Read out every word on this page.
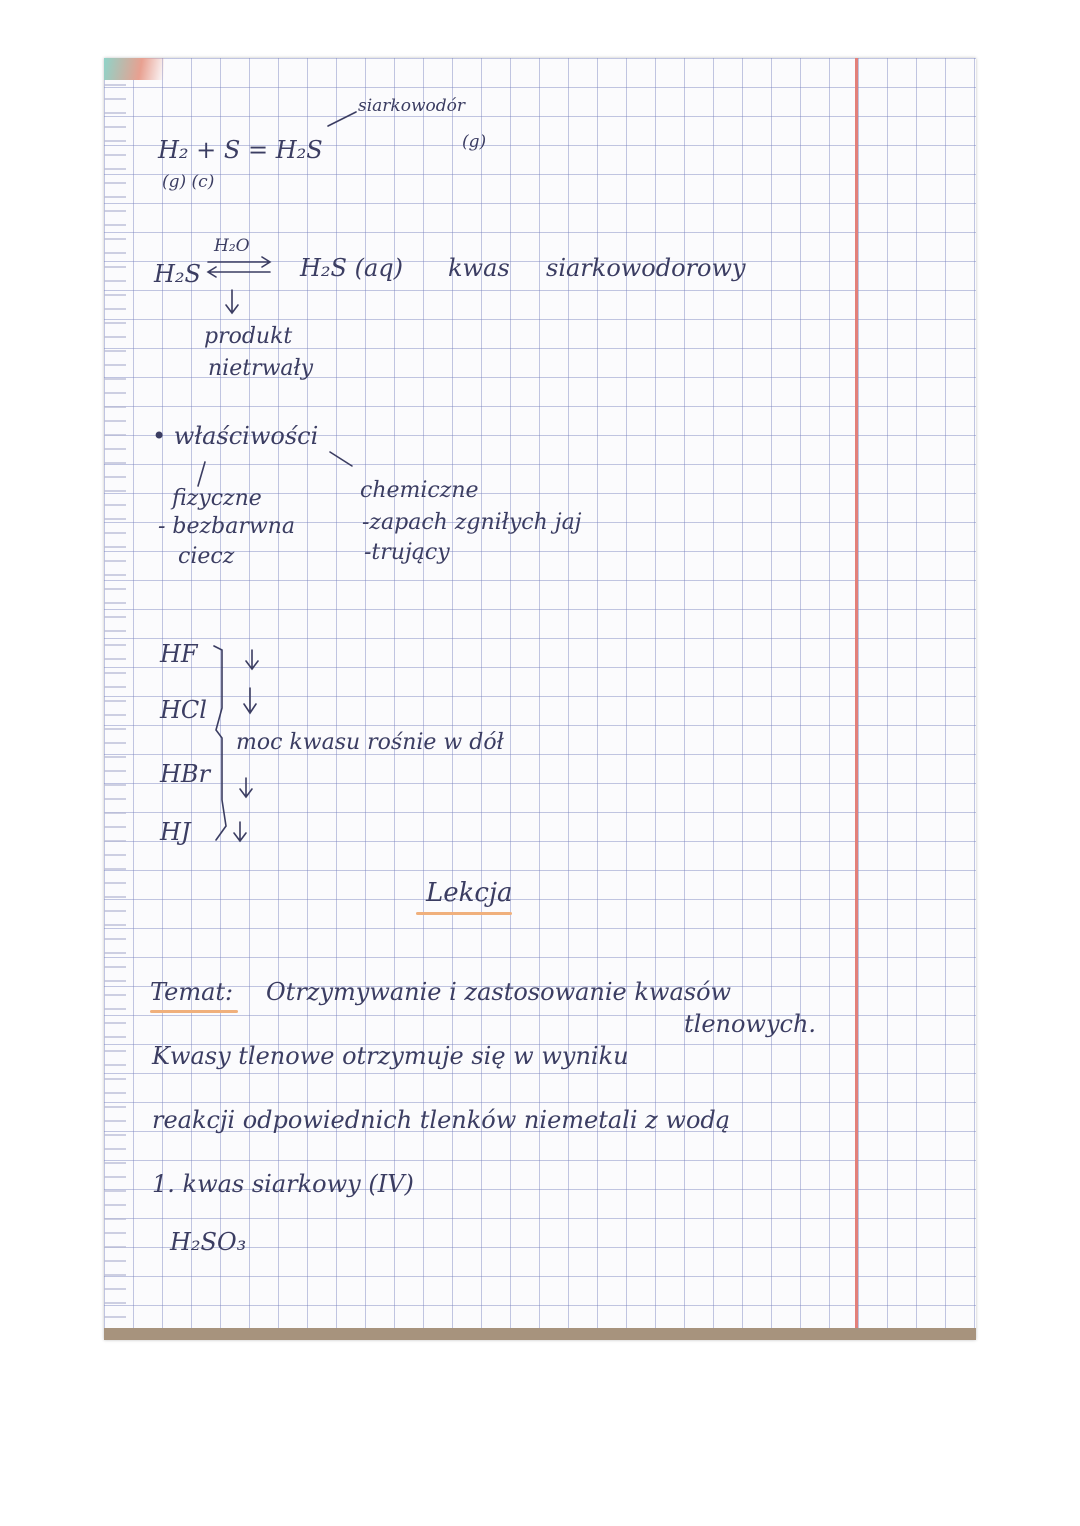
siarkowodór
(g)
H₂ + S = H₂S
(g) (c)
H₂O
H₂S	H₂S (aq) kwas siarkowodorowy
produkt
nietrwały
• właściwości
fizyczne
- bezbarwna
ciecz
chemiczne
-zapach zgniłych jaj
-trujący
HF
HCl
HBr
HJ
moc kwasu rośnie w dół
Lekcja
Temat: Otrzymywanie i zastosowanie kwasów
tlenowych.
Kwasy tlenowe otrzymuje się w wyniku
reakcji odpowiednich tlenków niemetali z wodą
1. kwas siarkowy (IV)
H₂SO₃
